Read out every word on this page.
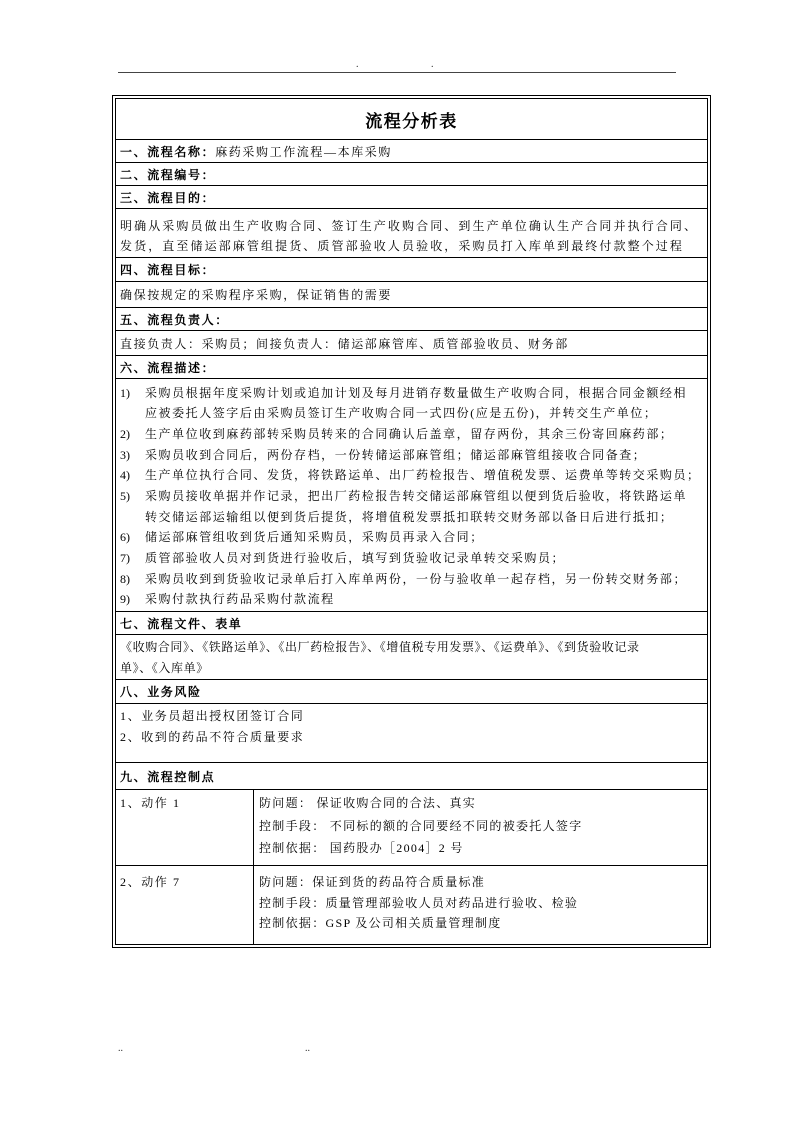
.	.
流程分析表
一、流程名称： 麻药采购工作流程—本库采购
二、流程编号：
三、流程目的：
明确从采购员做出生产收购合同、签订生产收购合同、到生产单位确认生产合同并执行合同、
发货，直至储运部麻管组提货、质管部验收人员验收，采购员打入库单到最终付款整个过程
四、流程目标：
确保按规定的采购程序采购，保证销售的需要
五、流程负责人：
直接负责人：采购员；间接负责人：储运部麻管库、质管部验收员、财务部
六、流程描述：
1) 采购员根据年度采购计划或追加计划及每月进销存数量做生产收购合同，根据合同金额经相
应被委托人签字后由采购员签订生产收购合同一式四份(应是五份)，并转交生产单位；
2) 生产单位收到麻药部转采购员转来的合同确认后盖章，留存两份，其余三份寄回麻药部；
3) 采购员收到合同后，两份存档，一份转储运部麻管组；储运部麻管组接收合同备查；
4) 生产单位执行合同、发货，将铁路运单、出厂药检报告、增值税发票、运费单等转交采购员；
5) 采购员接收单据并作记录，把出厂药检报告转交储运部麻管组以便到货后验收，将铁路运单
转交储运部运输组以便到货后提货，将增值税发票抵扣联转交财务部以备日后进行抵扣；
6) 储运部麻管组收到货后通知采购员，采购员再录入合同；
7) 质管部验收人员对到货进行验收后，填写到货验收记录单转交采购员；
8) 采购员收到到货验收记录单后打入库单两份，一份与验收单一起存档，另一份转交财务部；
9) 采购付款执行药品采购付款流程
七、流程文件、表单
《收购合同》、《铁路运单》、《出厂药检报告》、《增值税专用发票》、《运费单》、《到货验收记录
单》、《入库单》
八、业务风险
1、业务员超出授权团签订合同
2、收到的药品不符合质量要求
九、流程控制点
1、动作 1	防问题： 保证收购合同的合法、真实
控制手段： 不同标的额的合同要经不同的被委托人签字
控制依据： 国药股办［2004］2 号
2、动作 7	防问题：保证到货的药品符合质量标准
控制手段：质量管理部验收人员对药品进行验收、检验
控制依据：GSP 及公司相关质量管理制度
..	..
